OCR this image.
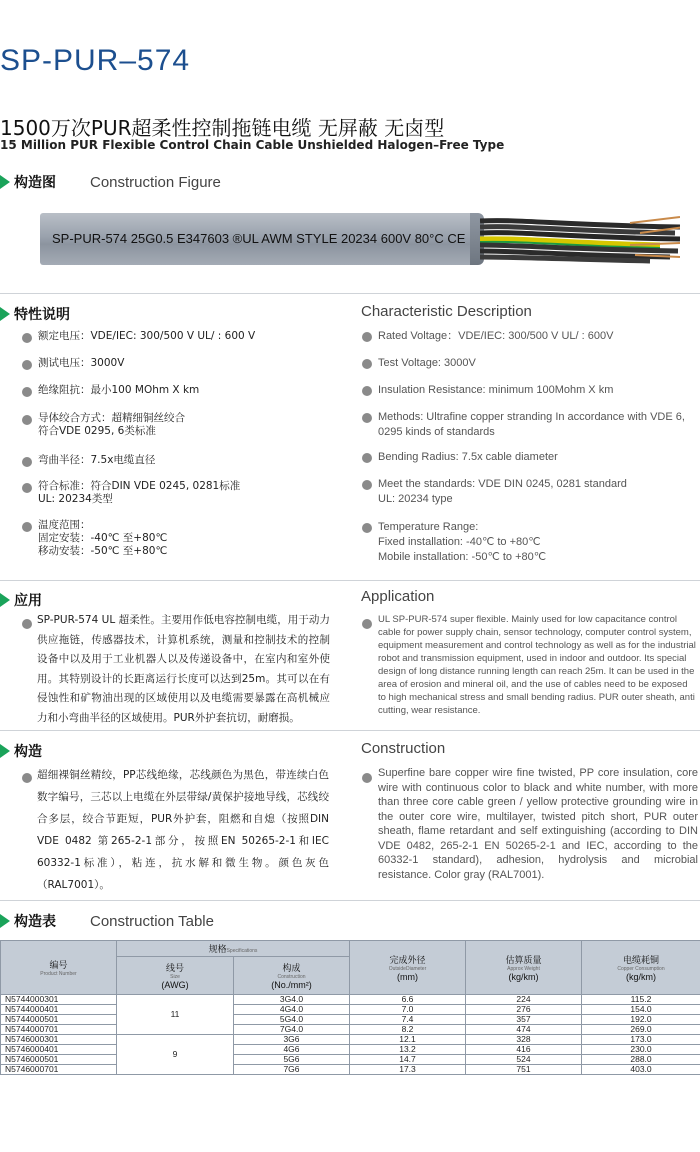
SP-PUR–574
1500万次PUR超柔性控制拖链电缆 无屏蔽 无卤型
15 Million PUR Flexible Control Chain Cable Unshielded Halogen–Free Type
构造图 Construction Figure
SP-PUR-574 25G0.5 E347603 ®UL AWM STYLE 20234 600V 80°C CE
特性说明	Characteristic Description
额定电压：VDE/IEC: 300/500 V UL/ : 600 V
测试电压：3000V
绝缘阻抗：最小100 MOhm X km
导体绞合方式：超精细铜丝绞合
符合VDE 0295, 6类标准
弯曲半径：7.5x电缆直径
符合标准：符合DIN VDE 0245, 0281标准
UL: 20234类型
温度范围：
固定安装：-40℃ 至+80℃
移动安装：-50℃ 至+80℃
Rated Voltage：VDE/IEC: 300/500 V UL/ : 600V
Test Voltage: 3000V
Insulation Resistance: minimum 100Mohm X km
Methods: Ultrafine copper stranding In accordance with VDE 6,
0295 kinds of standards
Bending Radius: 7.5x cable diameter
Meet the standards: VDE DIN 0245, 0281 standard
UL: 20234 type
Temperature Range:
Fixed installation: -40℃ to +80℃
Mobile installation: -50℃ to +80℃
应用	Application
SP-PUR-574 UL 超柔性。主要用作低电容控制电缆，用于动力供应拖链，传感器技术，计算机系统，测量和控制技术的控制设备中以及用于工业机器人以及传递设备中，在室内和室外使用。其特别设计的长距离运行长度可以达到25m。其可以在有侵蚀性和矿物油出现的区域使用以及电缆需要暴露在高机械应力和小弯曲半径的区域使用。PUR外护套抗切，耐磨损。
UL SP-PUR-574 super flexible. Mainly used for low capacitance control cable for power supply chain, sensor technology, computer control system, equipment measurement and control technology as well as for the industrial robot and transmission equipment, used in indoor and outdoor. Its special design of long distance running length can reach 25m. It can be used in the area of erosion and mineral oil, and the use of cables need to be exposed to high mechanical stress and small bending radius. PUR outer sheath, anti cutting, wear resistance.
构造	Construction
超细裸铜丝精绞，PP芯线绝缘，芯线颜色为黑色，带连续白色数字编号，三芯以上电缆在外层带绿/黄保护接地导线，芯线绞合多层，绞合节距短，PUR外护套，阻燃和自熄（按照DIN VDE 0482 第265-2-1部分，按照EN 50265-2-1和IEC 60332-1标准），粘连，抗水解和微生物。颜色灰色（RAL7001）。
Superfine bare copper wire fine twisted, PP core insulation, core wire with continuous color to black and white number, with more than three core cable green / yellow protective grounding wire in the outer core wire, multilayer, twisted pitch short, PUR outer sheath, flame retardant and self extinguishing (according to DIN VDE 0482, 265-2-1 EN 50265-2-1 and IEC, according to the 60332-1 standard), adhesion, hydrolysis and microbial resistance. Color gray (RAL7001).
构造表 Construction Table
编号
Product Number	规格Specifications		完成外径
OutsideDiameter
(mm)	估算质量
Approx Weight
(kg/km)	电缆耗铜
Copper Consumption
(kg/km)
	线号
Size
(AWG)	构成
Construction
(No./mm²)			
N5744000301	11	3G4.0	6.6	224	115.2
N5744000401		4G4.0	7.0	276	154.0
N5744000501		5G4.0	7.4	357	192.0
N5744000701		7G4.0	8.2	474	269.0
N5746000301	9	3G6	12.1	328	173.0
N5746000401		4G6	13.2	416	230.0
N5746000501		5G6	14.7	524	288.0
N5746000701		7G6	17.3	751	403.0
